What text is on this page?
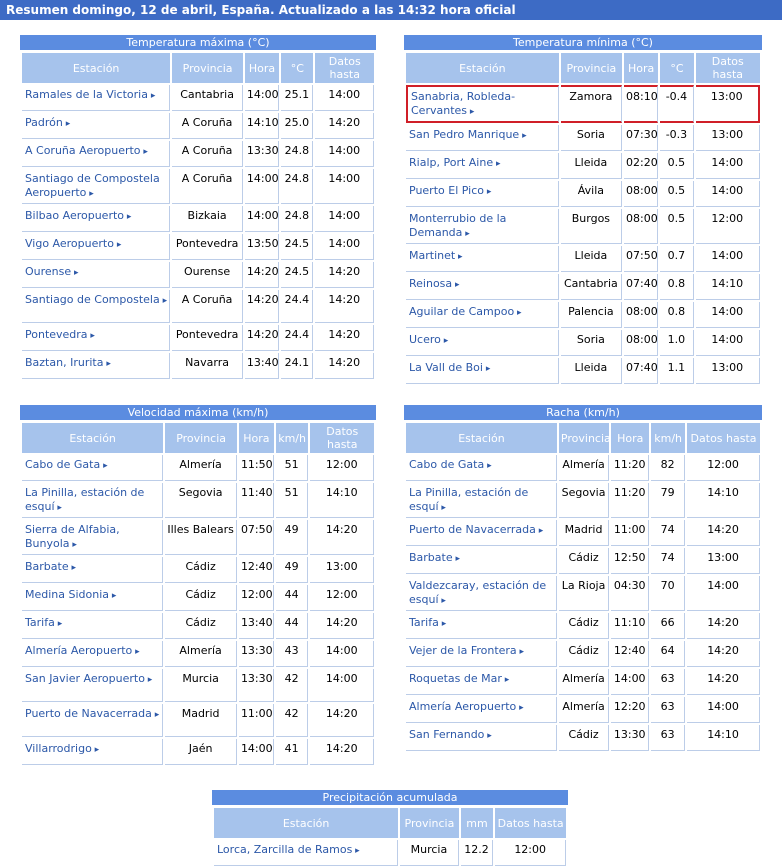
Resumen domingo, 12 de abril, España. Actualizado a las 14:32 hora oficial
Temperatura máxima (°C)
Estación	Provincia	Hora	°C	Datos hasta
Ramales de la Victoria ▸	Cantabria	14:00	25.1	14:00
Padrón ▸	A Coruña	14:10	25.0	14:20
A Coruña Aeropuerto ▸	A Coruña	13:30	24.8	14:00
Santiago de Compostela Aeropuerto ▸	A Coruña	14:00	24.8	14:00
Bilbao Aeropuerto ▸	Bizkaia	14:00	24.8	14:00
Vigo Aeropuerto ▸	Pontevedra	13:50	24.5	14:00
Ourense ▸	Ourense	14:20	24.5	14:20
Santiago de Compostela ▸	A Coruña	14:20	24.4	14:20
Pontevedra ▸	Pontevedra	14:20	24.4	14:20
Baztan, Irurita ▸	Navarra	13:40	24.1	14:20
Temperatura mínima (°C)
Estación	Provincia	Hora	°C	Datos hasta
Sanabria, Robleda-Cervantes ▸	Zamora	08:10	-0.4	13:00
San Pedro Manrique ▸	Soria	07:30	-0.3	13:00
Rialp, Port Aine ▸	Lleida	02:20	0.5	14:00
Puerto El Pico ▸	Ávila	08:00	0.5	14:00
Monterrubio de la Demanda ▸	Burgos	08:00	0.5	12:00
Martinet ▸	Lleida	07:50	0.7	14:00
Reinosa ▸	Cantabria	07:40	0.8	14:10
Aguilar de Campoo ▸	Palencia	08:00	0.8	14:00
Ucero ▸	Soria	08:00	1.0	14:00
La Vall de Boi ▸	Lleida	07:40	1.1	13:00
Velocidad máxima (km/h)
Estación	Provincia	Hora	km/h	Datos hasta
Cabo de Gata ▸	Almería	11:50	51	12:00
La Pinilla, estación de esquí ▸	Segovia	11:40	51	14:10
Sierra de Alfabia, Bunyola ▸	Illes Balears	07:50	49	14:20
Barbate ▸	Cádiz	12:40	49	13:00
Medina Sidonia ▸	Cádiz	12:00	44	12:00
Tarifa ▸	Cádiz	13:40	44	14:20
Almería Aeropuerto ▸	Almería	13:30	43	14:00
San Javier Aeropuerto ▸	Murcia	13:30	42	14:00
Puerto de Navacerrada ▸	Madrid	11:00	42	14:20
Villarrodrigo ▸	Jaén	14:00	41	14:20
Racha (km/h)
Estación	Provincia	Hora	km/h	Datos hasta
Cabo de Gata ▸	Almería	11:20	82	12:00
La Pinilla, estación de esquí ▸	Segovia	11:20	79	14:10
Puerto de Navacerrada ▸	Madrid	11:00	74	14:20
Barbate ▸	Cádiz	12:50	74	13:00
Valdezcaray, estación de esquí ▸	La Rioja	04:30	70	14:00
Tarifa ▸	Cádiz	11:10	66	14:20
Vejer de la Frontera ▸	Cádiz	12:40	64	14:20
Roquetas de Mar ▸	Almería	14:00	63	14:20
Almería Aeropuerto ▸	Almería	12:20	63	14:00
San Fernando ▸	Cádiz	13:30	63	14:10
Precipitación acumulada
Estación	Provincia	mm	Datos hasta
Lorca, Zarcilla de Ramos ▸	Murcia	12.2	12:00
